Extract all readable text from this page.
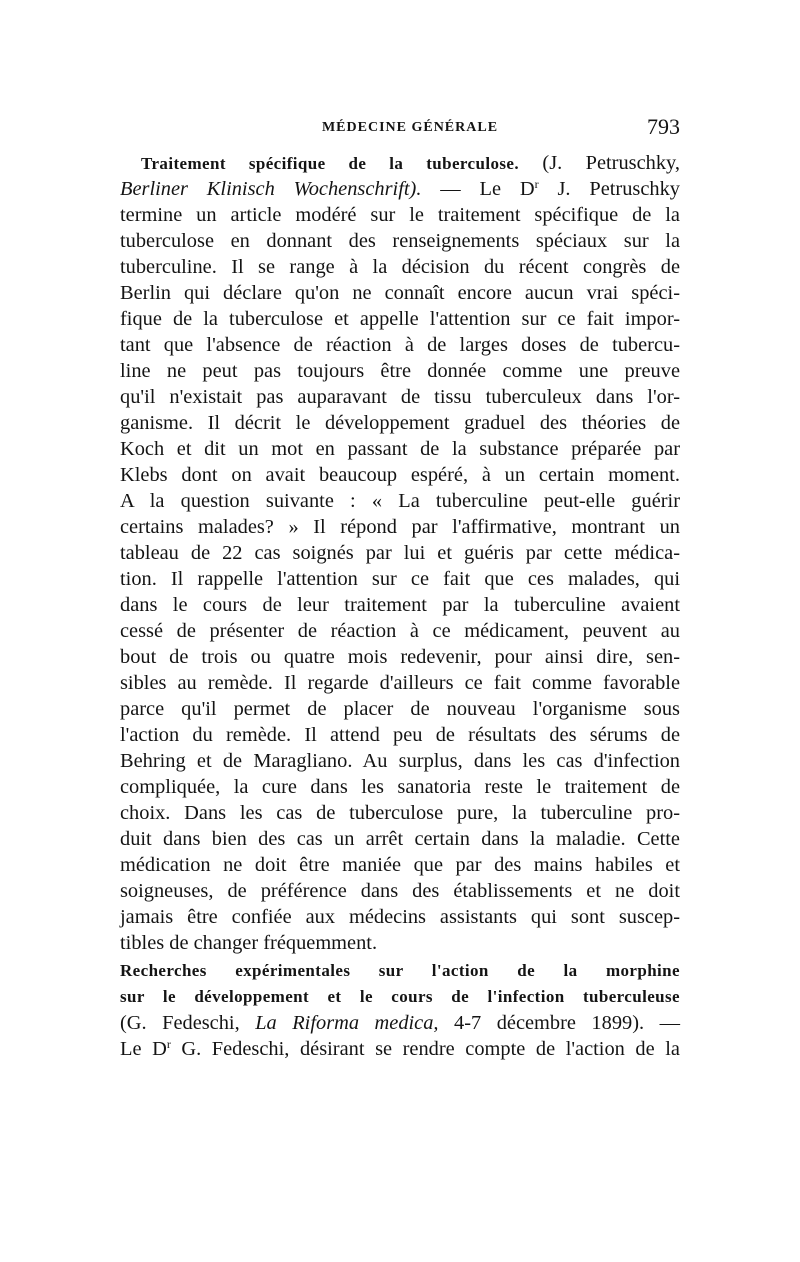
MÉDECINE GÉNÉRALE	793
Traitement spécifique de la tuberculose. (J. Petruschky,
Berliner Klinisch Wochenschrift). — Le $D^r$ J. Petruschky
termine un article modéré sur le traitement spécifique de la
tuberculose en donnant des renseignements spéciaux sur la
tuberculine. Il se range à la décision du récent congrès de
Berlin qui déclare qu'on ne connaît encore aucun vrai spéci-
fique de la tuberculose et appelle l'attention sur ce fait impor-
tant que l'absence de réaction à de larges doses de tubercu-
line ne peut pas toujours être donnée comme une preuve
qu'il n'existait pas auparavant de tissu tuberculeux dans l'or-
ganisme. Il décrit le développement graduel des théories de
Koch et dit un mot en passant de la substance préparée par
Klebs dont on avait beaucoup espéré, à un certain moment.
A la question suivante : « La tuberculine peut-elle guérir
certains malades? » Il répond par l'affirmative, montrant un
tableau de 22 cas soignés par lui et guéris par cette médica-
tion. Il rappelle l'attention sur ce fait que ces malades, qui
dans le cours de leur traitement par la tuberculine avaient
cessé de présenter de réaction à ce médicament, peuvent au
bout de trois ou quatre mois redevenir, pour ainsi dire, sen-
sibles au remède. Il regarde d'ailleurs ce fait comme favorable
parce qu'il permet de placer de nouveau l'organisme sous
l'action du remède. Il attend peu de résultats des sérums de
Behring et de Maragliano. Au surplus, dans les cas d'infection
compliquée, la cure dans les sanatoria reste le traitement de
choix. Dans les cas de tuberculose pure, la tuberculine pro-
duit dans bien des cas un arrêt certain dans la maladie. Cette
médication ne doit être maniée que par des mains habiles et
soigneuses, de préférence dans des établissements et ne doit
jamais être confiée aux médecins assistants qui sont suscep-
tibles de changer fréquemment.
Recherches expérimentales sur l'action de la morphine
sur le développement et le cours de l'infection tuberculeuse
(G. Fedeschi, La Riforma medica, 4-7 décembre 1899). —
Le $D^r$ G. Fedeschi, désirant se rendre compte de l'action de la
